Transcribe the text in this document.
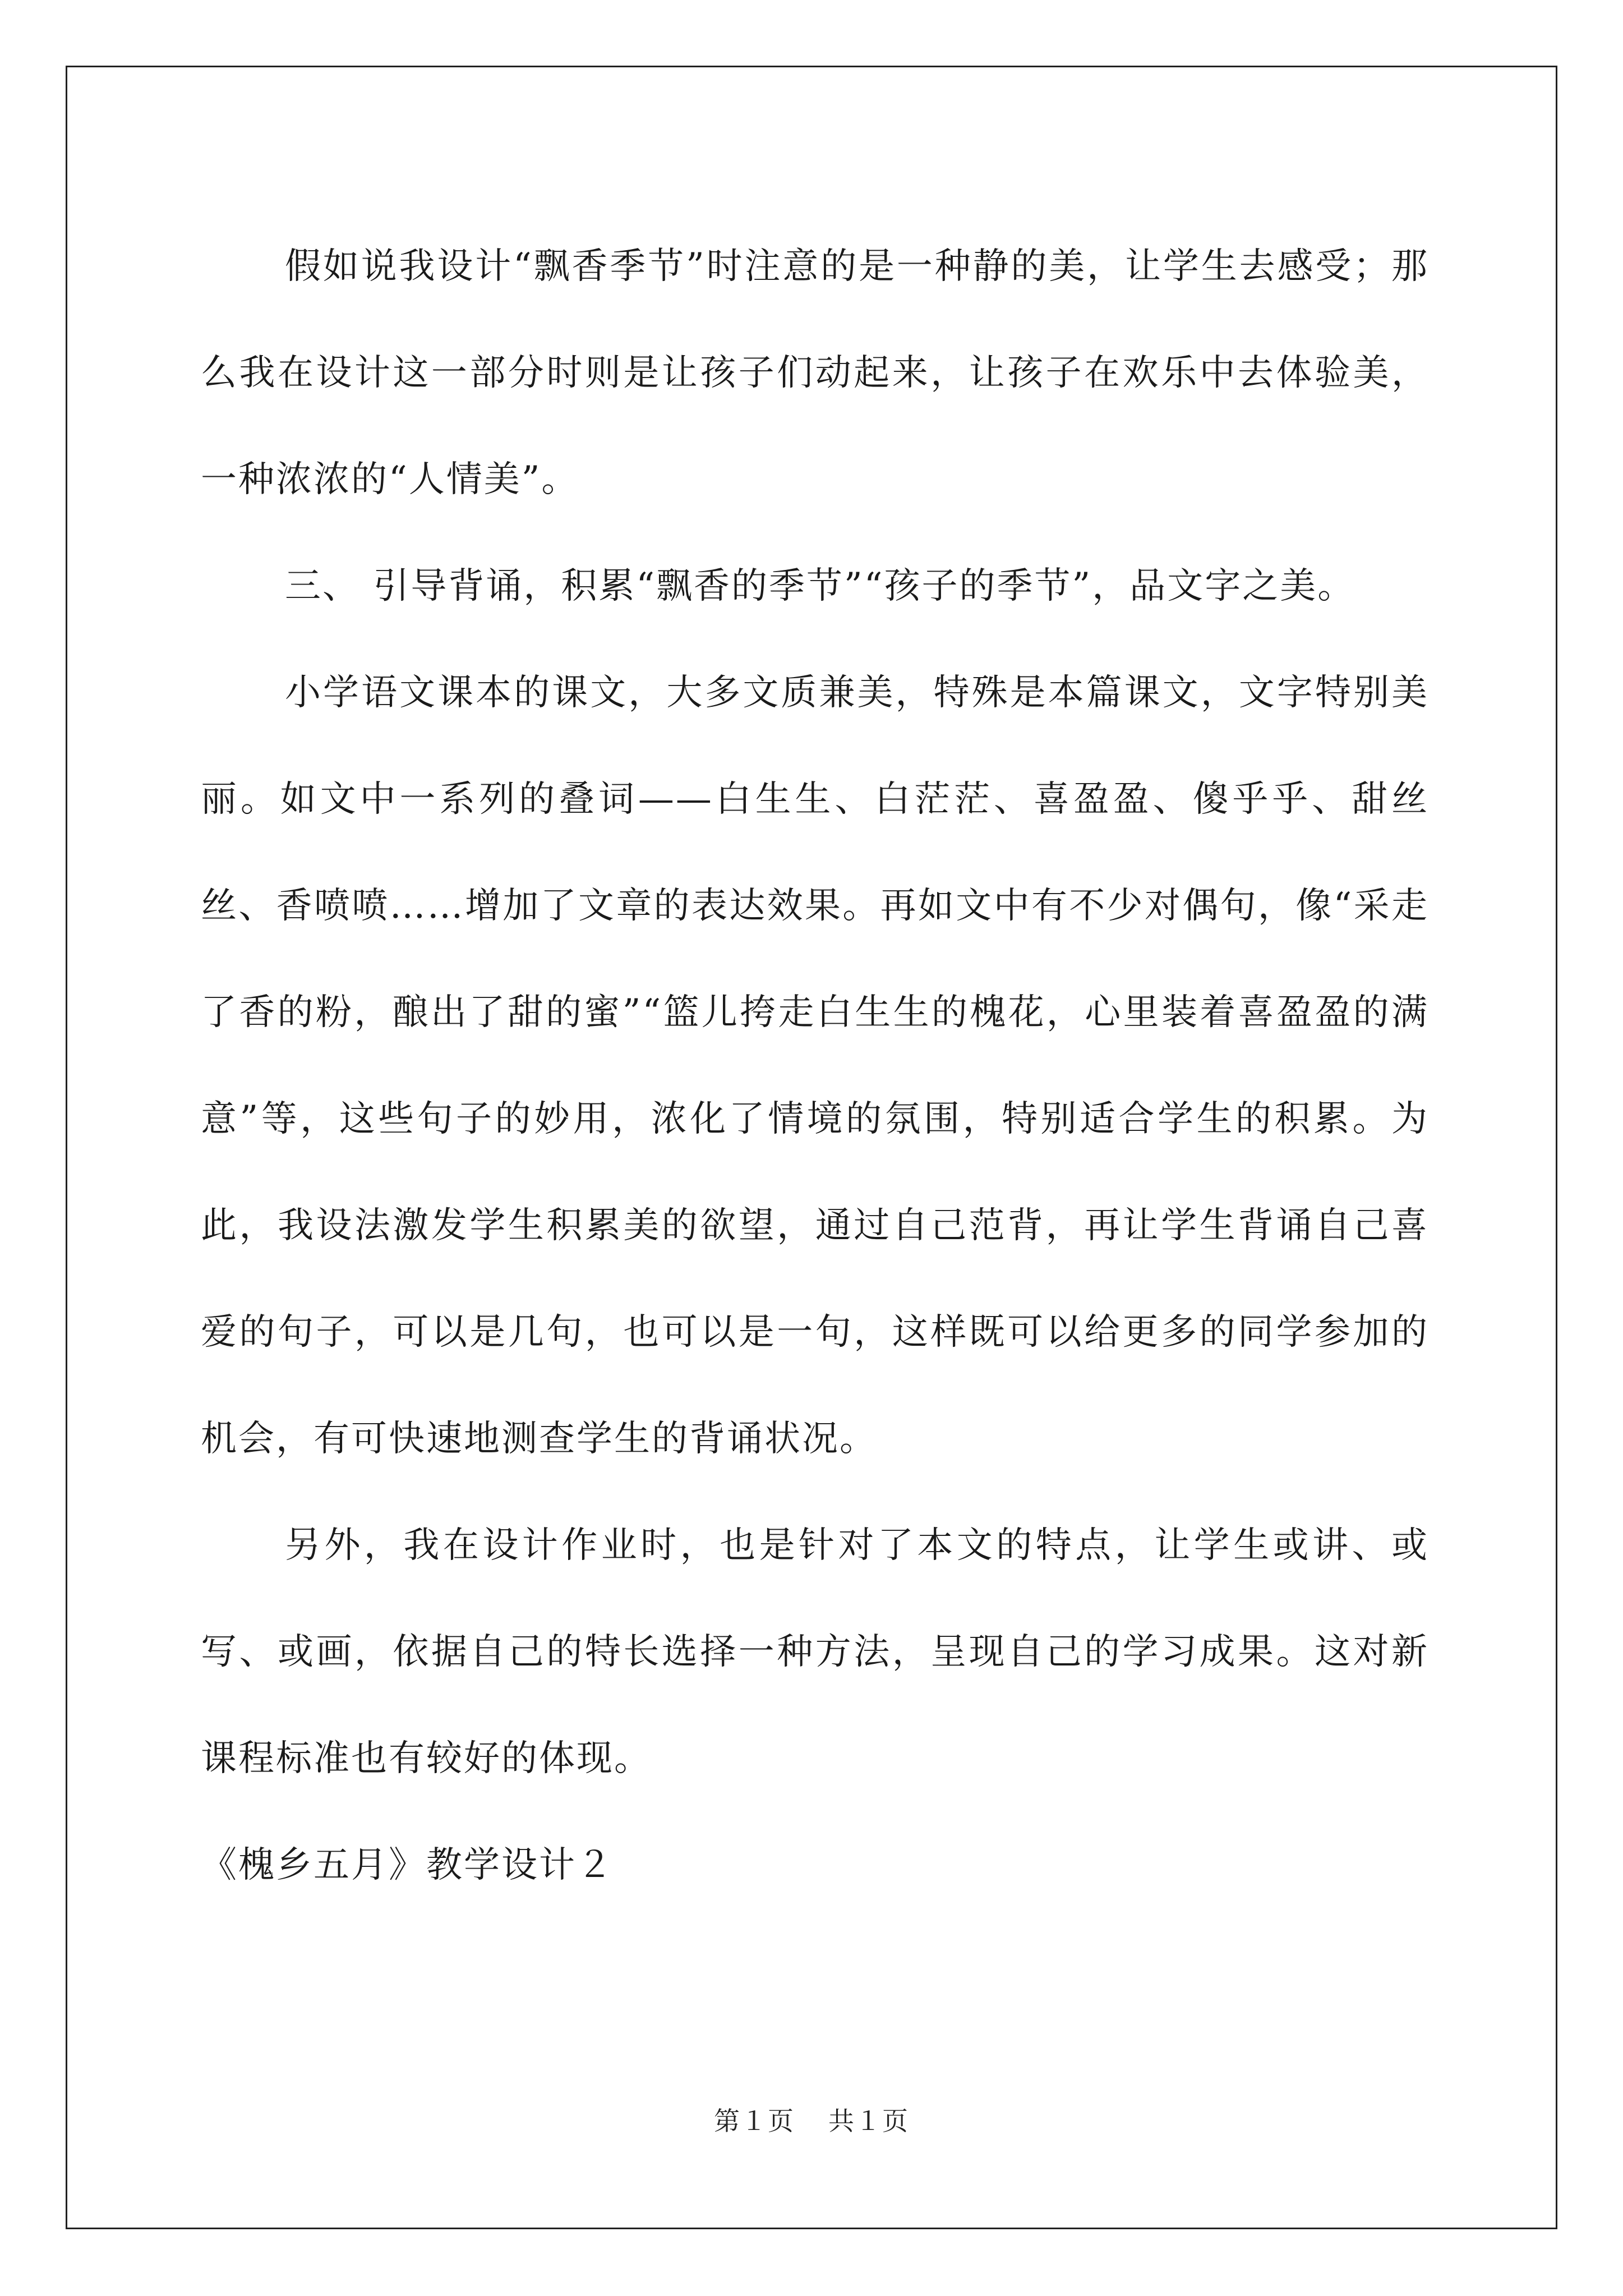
假如说我设计“飘香季节”时注意的是一种静的美，让学生去感受；那么我在设计这一部分时则是让孩子们动起来，让孩子在欢乐中去体验美，一种浓浓的“人情美”。

三、 引导背诵，积累“飘香的季节”“孩子的季节”，品文字之美。

小学语文课本的课文，大多文质兼美，特殊是本篇课文，文字特别美丽。如文中一系列的叠词——白生生、白茫茫、喜盈盈、傻乎乎、甜丝丝、香喷喷……增加了文章的表达效果。再如文中有不少对偶句，像“采走了香的粉，酿出了甜的蜜”“篮儿挎走白生生的槐花，心里装着喜盈盈的满意”等，这些句子的妙用，浓化了情境的氛围，特别适合学生的积累。为此，我设法激发学生积累美的欲望，通过自己范背，再让学生背诵自己喜爱的句子，可以是几句，也可以是一句，这样既可以给更多的同学参加的机会，有可快速地测查学生的背诵状况。

另外，我在设计作业时，也是针对了本文的特点，让学生或讲、或写、或画，依据自己的特长选择一种方法，呈现自己的学习成果。这对新课程标准也有较好的体现。

《槐乡五月》教学设计２

第１页 共１页
